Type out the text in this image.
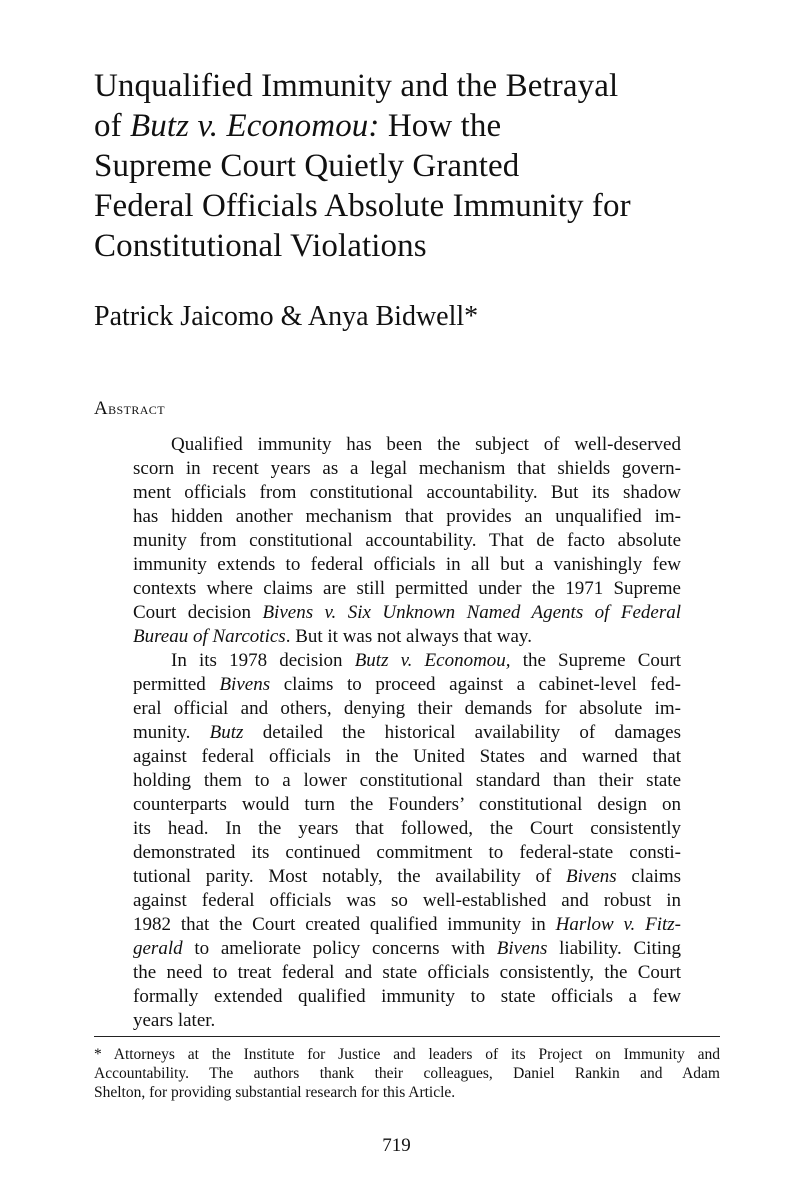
Unqualified Immunity and the Betrayal
of Butz v. Economou: How the
Supreme Court Quietly Granted
Federal Officials Absolute Immunity for
Constitutional Violations
Patrick Jaicomo & Anya Bidwell*
Abstract
Qualified immunity has been the subject of well-deserved
scorn in recent years as a legal mechanism that shields govern-
ment officials from constitutional accountability. But its shadow
has hidden another mechanism that provides an unqualified im-
munity from constitutional accountability. That de facto absolute
immunity extends to federal officials in all but a vanishingly few
contexts where claims are still permitted under the 1971 Supreme
Court decision Bivens v. Six Unknown Named Agents of Federal
Bureau of Narcotics. But it was not always that way.
In its 1978 decision Butz v. Economou, the Supreme Court
permitted Bivens claims to proceed against a cabinet-level fed-
eral official and others, denying their demands for absolute im-
munity. Butz detailed the historical availability of damages
against federal officials in the United States and warned that
holding them to a lower constitutional standard than their state
counterparts would turn the Founders’ constitutional design on
its head. In the years that followed, the Court consistently
demonstrated its continued commitment to federal-state consti-
tutional parity. Most notably, the availability of Bivens claims
against federal officials was so well-established and robust in
1982 that the Court created qualified immunity in Harlow v. Fitz-
gerald to ameliorate policy concerns with Bivens liability. Citing
the need to treat federal and state officials consistently, the Court
formally extended qualified immunity to state officials a few
years later.
* Attorneys at the Institute for Justice and leaders of its Project on Immunity and
Accountability. The authors thank their colleagues, Daniel Rankin and Adam
Shelton, for providing substantial research for this Article.
719
